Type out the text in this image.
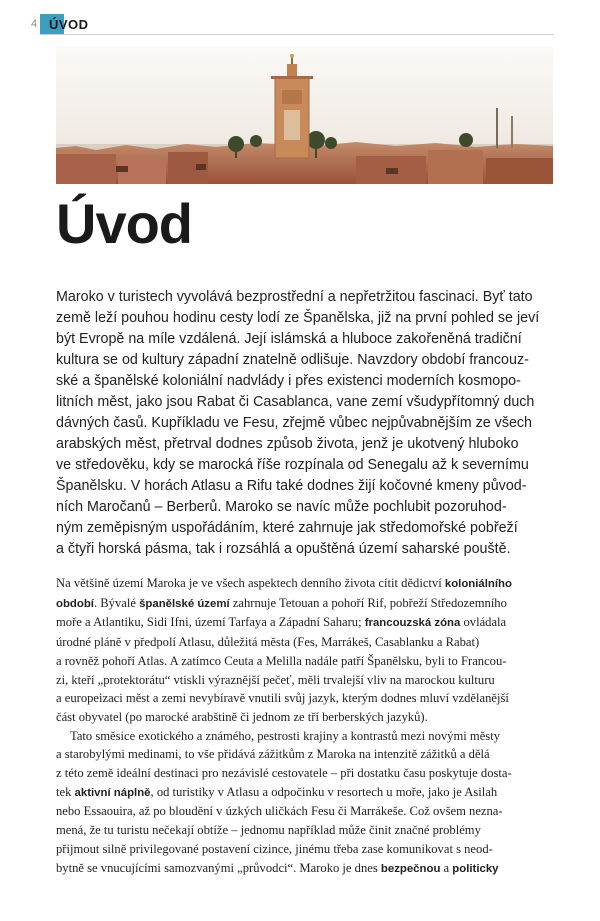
4 ÚVOD
Úvod

Maroko v turistech vyvolává bezprostřední a nepřetržitou fascinaci. Byť tato
země leží pouhou hodinu cesty lodí ze Španělska, již na první pohled se jeví
být Evropě na míle vzdálená. Její islámská a hluboce zakořeněná tradiční
kultura se od kultury západní znatelně odlišuje. Navzdory období francouz-
ské a španělské koloniální nadvlády i přes existenci moderních kosmopo-
litních měst, jako jsou Rabat či Casablanca, vane zemí všudypřítomný duch
dávných časů. Kupříkladu ve Fesu, zřejmě vůbec nejpůvabnějším ze všech
arabských měst, přetrval dodnes způsob života, jenž je ukotvený hluboko
ve středověku, kdy se marocká říše rozpínala od Senegalu až k severnímu
Španělsku. V horách Atlasu a Rifu také dodnes žijí kočovné kmeny původ-
ních Maročanů – Berberů. Maroko se navíc může pochlubit pozoruhod-
ným zeměpisným uspořádáním, které zahrnuje jak středomořské pobřeží
a čtyři horská pásma, tak i rozsáhlá a opuštěná území saharské pouště.

Na většině území Maroka je ve všech aspektech denního života cítit dědictví koloniálního
období. Bývalé španělské území zahrnuje Tetouan a pohoří Rif, pobřeží Středozemního
moře a Atlantiku, Sidi Ifni, území Tarfaya a Západní Saharu; francouzská zóna ovládala
úrodné pláně v předpolí Atlasu, důležitá města (Fes, Marrákeš, Casablanku a Rabat)
a rovněž pohoří Atlas. A zatímco Ceuta a Melilla nadále patří Španělsku, byli to Francou-
zi, kteří „protektorátu“ vtiskli výraznější pečeť, měli trvalejší vliv na marockou kulturu
a europeizaci měst a zemi nevybíravě vnutili svůj jazyk, kterým dodnes mluví vzdělanější
část obyvatel (po marocké arabštině či jednom ze tří berberských jazyků).
Tato směsice exotického a známého, pestrosti krajiny a kontrastů mezi novými městy
a starobylými medinami, to vše přidává zážitkům z Maroka na intenzitě zážitků a dělá
z této země ideální destinaci pro nezávislé cestovatele – při dostatku času poskytuje dosta-
tek aktivní náplně, od turistiky v Atlasu a odpočinku v resortech u moře, jako je Asilah
nebo Essaouira, až po bloudění v úzkých uličkách Fesu či Marrákeše. Což ovšem nezna-
mená, že tu turistu nečekají obtíže – jednomu například může činit značné problémy
přijmout silně privilegované postavení cizince, jinému třeba zase komunikovat s neod-
bytně se vnucujícími samozvanými „průvodci“. Maroko je dnes bezpečnou a politicky
